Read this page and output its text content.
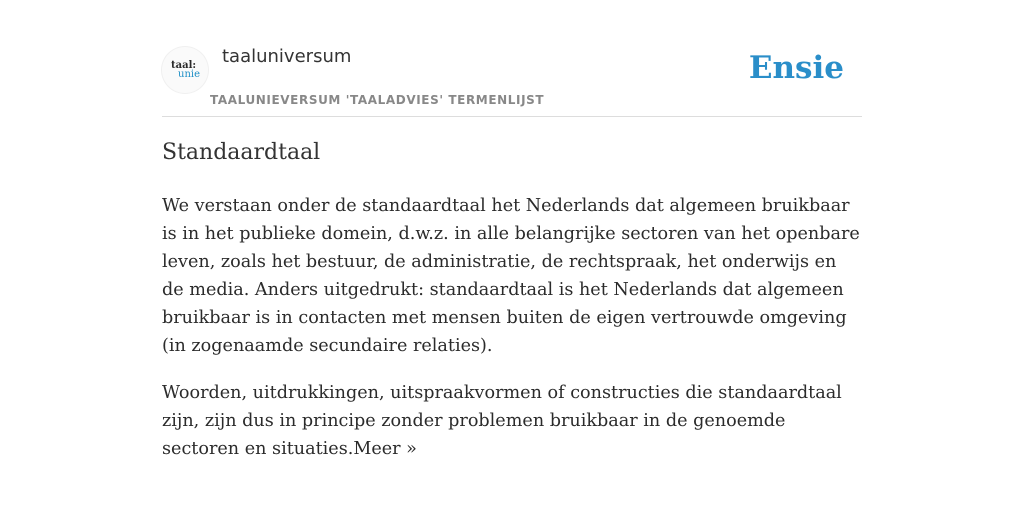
taal:
unie
taaluniversum	Ensie
TAALUNIEVERSUM 'TAALADVIES' TERMENLIJST
Standaardtaal

We verstaan onder de standaardtaal het Nederlands dat algemeen bruikbaar is in het publieke domein, d.w.z. in alle belangrijke sectoren van het openbare leven, zoals het bestuur, de administratie, de rechtspraak, het onderwijs en de media. Anders uitgedrukt: standaardtaal is het Nederlands dat algemeen bruikbaar is in contacten met mensen buiten de eigen vertrouwde omgeving (in zogenaamde secundaire relaties).

Woorden, uitdrukkingen, uitspraakvormen of constructies die standaardtaal zijn, zijn dus in principe zonder problemen bruikbaar in de genoemde sectoren en situaties.Meer »
